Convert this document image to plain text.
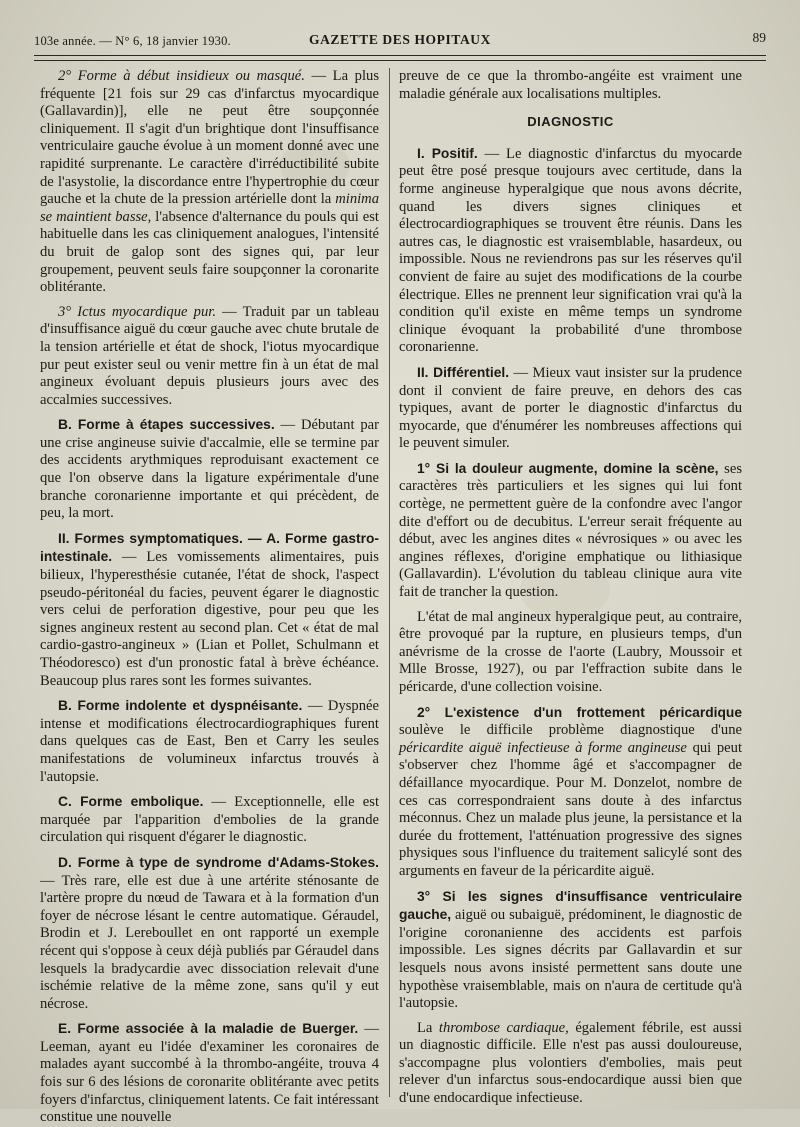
103e année. — N° 6, 18 janvier 1930.	GAZETTE DES HOPITAUX	89

2° Forme à début insidieux ou masqué. — La plus fréquente [21 fois sur 29 cas d'infarctus myocardique (Gallavardin)], elle ne peut être soupçonnée cliniquement. Il s'agit d'un brightique dont l'insuffisance ventriculaire gauche évolue à un moment donné avec une rapidité surprenante. Le caractère d'irréductibilité subite de l'asystolie, la discordance entre l'hypertrophie du cœur gauche et la chute de la pression artérielle dont la minima se maintient basse, l'absence d'alternance du pouls qui est habituelle dans les cas cliniquement analogues, l'intensité du bruit de galop sont des signes qui, par leur groupement, peuvent seuls faire soupçonner la coronarite oblitérante.

3° Ictus myocardique pur. — Traduit par un tableau d'insuffisance aiguë du cœur gauche avec chute brutale de la tension artérielle et état de shock, l'iotus myocardique pur peut exister seul ou venir mettre fin à un état de mal angineux évoluant depuis plusieurs jours avec des accalmies successives.

B. Forme à étapes successives. — Débutant par une crise angineuse suivie d'accalmie, elle se termine par des accidents arythmiques reproduisant exactement ce que l'on observe dans la ligature expérimentale d'une branche coronarienne importante et qui précèdent, de peu, la mort.

II. Formes symptomatiques. — A. Forme gastro-intestinale. — Les vomissements alimentaires, puis bilieux, l'hyperesthésie cutanée, l'état de shock, l'aspect pseudo-péritonéal du facies, peuvent égarer le diagnostic vers celui de perforation digestive, pour peu que les signes angineux restent au second plan. Cet « état de mal cardio-gastro-angineux » (Lian et Pollet, Schulmann et Théodoresco) est d'un pronostic fatal à brève échéance. Beaucoup plus rares sont les formes suivantes.

B. Forme indolente et dyspnéisante. — Dyspnée intense et modifications électrocardiographiques furent dans quelques cas de East, Ben et Carry les seules manifestations de volumineux infarctus trouvés à l'autopsie.

C. Forme embolique. — Exceptionnelle, elle est marquée par l'apparition d'embolies de la grande circulation qui risquent d'égarer le diagnostic.

D. Forme à type de syndrome d'Adams-Stokes. — Très rare, elle est due à une artérite sténosante de l'artère propre du nœud de Tawara et à la formation d'un foyer de nécrose lésant le centre automatique. Géraudel, Brodin et J. Lereboullet en ont rapporté un exemple récent qui s'oppose à ceux déjà publiés par Géraudel dans lesquels la bradycardie avec dissociation relevait d'une ischémie relative de la même zone, sans qu'il y eut nécrose.

E. Forme associée à la maladie de Buerger. — Leeman, ayant eu l'idée d'examiner les coronaires de malades ayant succombé à la thrombo-angéite, trouva 4 fois sur 6 des lésions de coronarite oblitérante avec petits foyers d'infarctus, cliniquement latents. Ce fait intéressant constitue une nouvelle

preuve de ce que la thrombo-angéite est vraiment une maladie générale aux localisations multiples.

DIAGNOSTIC

I. Positif. — Le diagnostic d'infarctus du myocarde peut être posé presque toujours avec certitude, dans la forme angineuse hyperalgique que nous avons décrite, quand les divers signes cliniques et électrocardiographiques se trouvent être réunis. Dans les autres cas, le diagnostic est vraisemblable, hasardeux, ou impossible. Nous ne reviendrons pas sur les réserves qu'il convient de faire au sujet des modifications de la courbe électrique. Elles ne prennent leur signification vrai qu'à la condition qu'il existe en même temps un syndrome clinique évoquant la probabilité d'une thrombose coronarienne.

II. Différentiel. — Mieux vaut insister sur la prudence dont il convient de faire preuve, en dehors des cas typiques, avant de porter le diagnostic d'infarctus du myocarde, que d'énumérer les nombreuses affections qui le peuvent simuler.

1° Si la douleur augmente, domine la scène, ses caractères très particuliers et les signes qui lui font cortège, ne permettent guère de la confondre avec l'angor dite d'effort ou de decubitus. L'erreur serait fréquente au début, avec les angines dites « névrosiques » ou avec les angines réflexes, d'origine emphatique ou lithiasique (Gallavardin). L'évolution du tableau clinique aura vite fait de trancher la question.

L'état de mal angineux hyperalgique peut, au contraire, être provoqué par la rupture, en plusieurs temps, d'un anévrisme de la crosse de l'aorte (Laubry, Moussoir et Mlle Brosse, 1927), ou par l'effraction subite dans le péricarde, d'une collection voisine.

2° L'existence d'un frottement péricardique soulève le difficile problème diagnostique d'une péricardite aiguë infectieuse à forme angineuse qui peut s'observer chez l'homme âgé et s'accompagner de défaillance myocardique. Pour M. Donzelot, nombre de ces cas correspondraient sans doute à des infarctus méconnus. Chez un malade plus jeune, la persistance et la durée du frottement, l'atténuation progressive des signes physiques sous l'influence du traitement salicylé sont des arguments en faveur de la péricardite aiguë.

3° Si les signes d'insuffisance ventriculaire gauche, aiguë ou subaiguë, prédominent, le diagnostic de l'origine coronanienne des accidents est parfois impossible. Les signes décrits par Gallavardin et sur lesquels nous avons insisté permettent sans doute une hypothèse vraisemblable, mais on n'aura de certitude qu'à l'autopsie.

La thrombose cardiaque, également fébrile, est aussi un diagnostic difficile. Elle n'est pas aussi douloureuse, s'accompagne plus volontiers d'embolies, mais peut relever d'un infarctus sous-endocardique aussi bien que d'une endocardique infectieuse.
